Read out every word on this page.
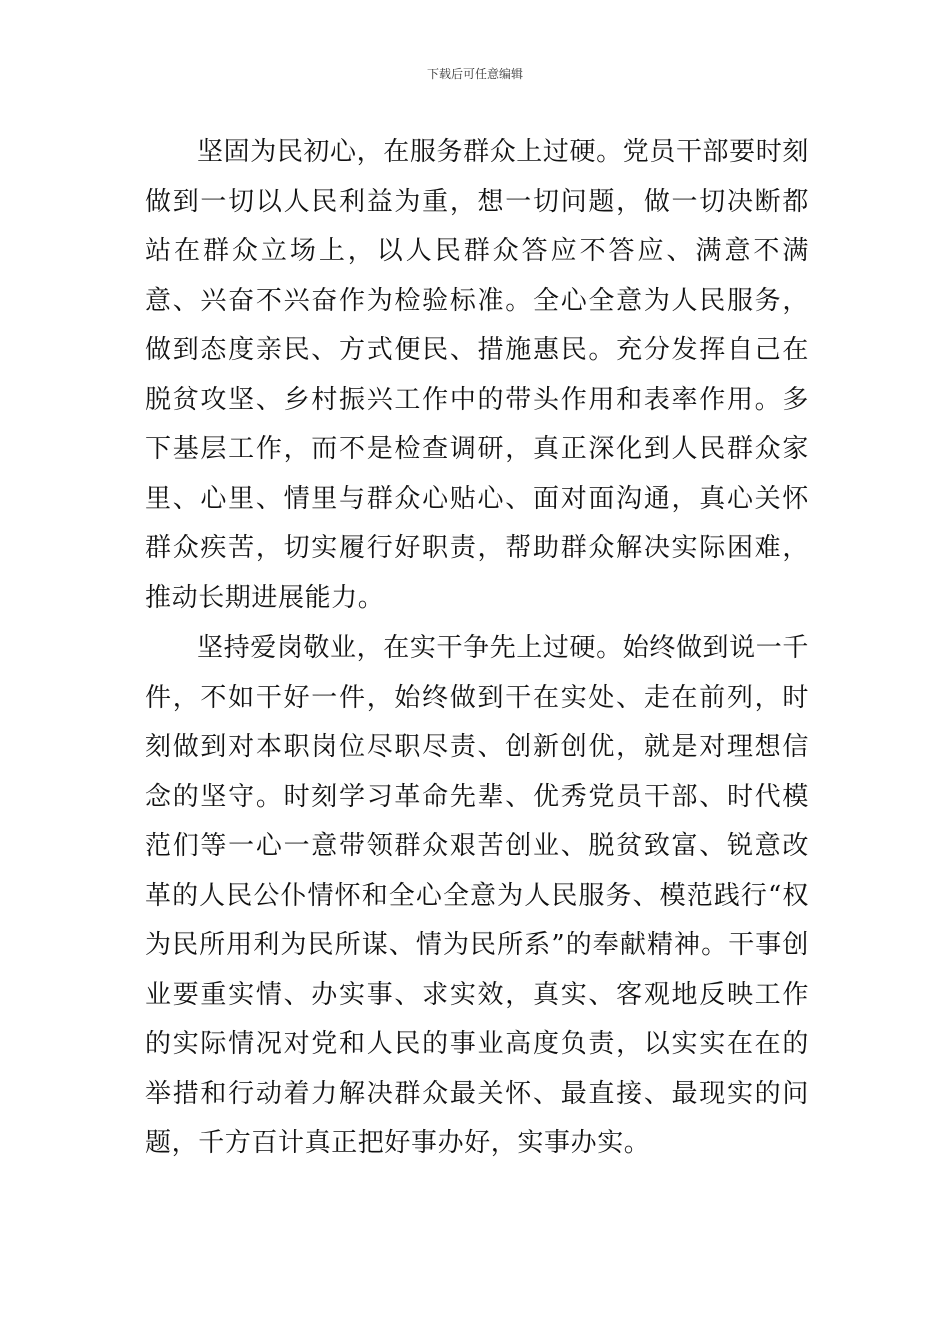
下载后可任意编辑

坚固为民初心，在服务群众上过硬。党员干部要时刻做到一切以人民利益为重，想一切问题，做一切决断都站在群众立场上，以人民群众答应不答应、满意不满意、兴奋不兴奋作为检验标准。全心全意为人民服务，做到态度亲民、方式便民、措施惠民。充分发挥自己在脱贫攻坚、乡村振兴工作中的带头作用和表率作用。多下基层工作，而不是检查调研，真正深化到人民群众家里、心里、情里与群众心贴心、面对面沟通，真心关怀群众疾苦，切实履行好职责，帮助群众解决实际困难，推动长期进展能力。

坚持爱岗敬业，在实干争先上过硬。始终做到说一千件，不如干好一件，始终做到干在实处、走在前列，时刻做到对本职岗位尽职尽责、创新创优，就是对理想信念的坚守。时刻学习革命先辈、优秀党员干部、时代模范们等一心一意带领群众艰苦创业、脱贫致富、锐意改革的人民公仆情怀和全心全意为人民服务、模范践行“权为民所用利为民所谋、情为民所系”的奉献精神。干事创业要重实情、办实事、求实效，真实、客观地反映工作的实际情况对党和人民的事业高度负责，以实实在在的举措和行动着力解决群众最关怀、最直接、最现实的问题，千方百计真正把好事办好，实事办实。
